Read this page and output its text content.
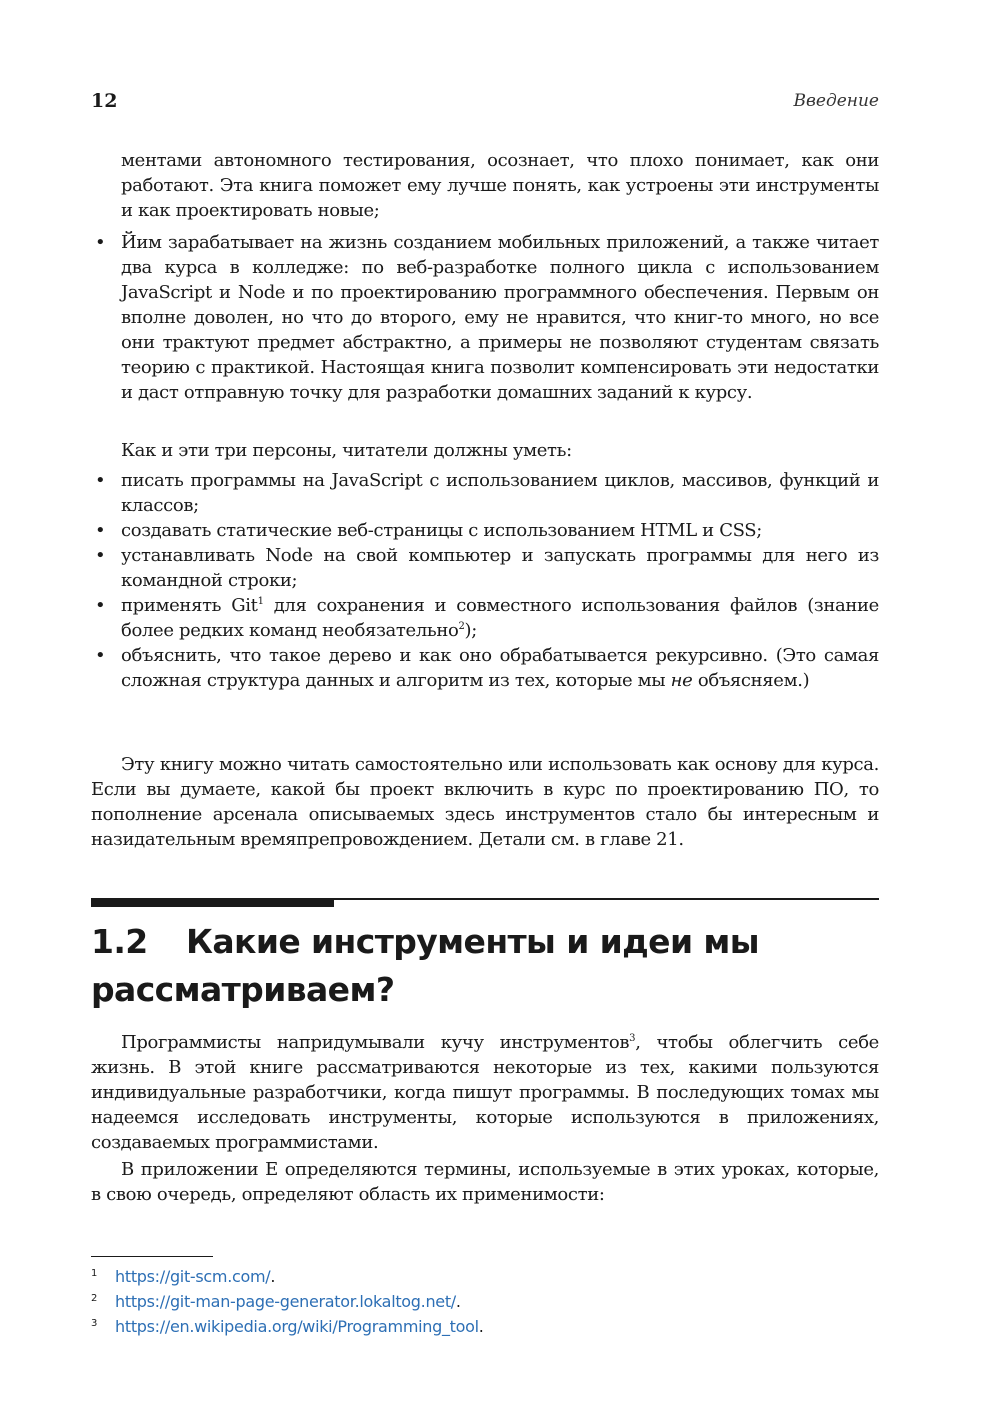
12	Введение

ментами автономного тестирования, осознает, что плохо понимает, как они работают. Эта книга поможет ему лучше понять, как устроены эти инструменты и как проектировать новые;

• Йим зарабатывает на жизнь созданием мобильных приложений, а также читает два курса в колледже: по веб-разработке полного цикла с использованием JavaScript и Node и по проектированию программного обеспечения. Первым он вполне доволен, но что до второго, ему не нравится, что книг-то много, но все они трактуют предмет абстрактно, а примеры не позволяют студентам связать теорию с практикой. Настоящая книга позволит компенсировать эти недостатки и даст отправную точку для разработки домашних заданий к курсу.

Как и эти три персоны, читатели должны уметь:

• писать программы на JavaScript с использованием циклов, массивов, функций и классов;
• создавать статические веб-страницы с использованием HTML и CSS;
• устанавливать Node на свой компьютер и запускать программы для него из командной строки;
• применять Git$^1$ для сохранения и совместного использования файлов (знание более редких команд необязательно$^2$);
• объяснить, что такое дерево и как оно обрабатывается рекурсивно. (Это самая сложная структура данных и алгоритм из тех, которые мы не объясняем.)

Эту книгу можно читать самостоятельно или использовать как основу для курса. Если вы думаете, какой бы проект включить в курс по проектированию ПО, то пополнение арсенала описываемых здесь инструментов стало бы интересным и назидательным времяпрепровождением. Детали см. в главе 21.

1.2 Какие инструменты и идеи мы рассматриваем?

Программисты напридумывали кучу инструментов$^3$, чтобы облегчить себе жизнь. В этой книге рассматриваются некоторые из тех, какими пользуются индивидуальные разработчики, когда пишут программы. В последующих томах мы надеемся исследовать инструменты, которые используются в приложениях, создаваемых программистами.

В приложении E определяются термины, используемые в этих уроках, которые, в свою очередь, определяют область их применимости:

1 https://git-scm.com/.
2 https://git-man-page-generator.lokaltog.net/.
3 https://en.wikipedia.org/wiki/Programming_tool.
